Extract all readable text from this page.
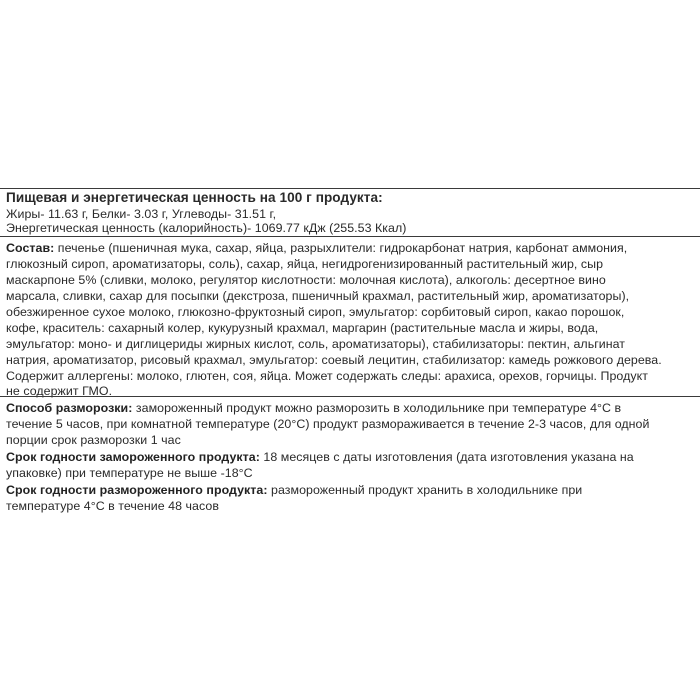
Пищевая и энергетическая ценность на 100 г продукта:
Жиры- 11.63 г, Белки- 3.03 г, Углеводы- 31.51 г,
Энергетическая ценность (калорийность)- 1069.77 кДж (255.53 Ккал)
Состав: печенье (пшеничная мука, сахар, яйца, разрыхлители: гидрокарбонат натрия, карбонат аммония,
глюкозный сироп, ароматизаторы, соль), сахар, яйца, негидрогенизированный растительный жир, сыр
маскарпоне 5% (сливки, молоко, регулятор кислотности: молочная кислота), алкоголь: десертное вино
марсала, сливки, сахар для посыпки (декстроза, пшеничный крахмал, растительный жир, ароматизаторы),
обезжиренное сухое молоко, глюкозно-фруктозный сироп, эмульгатор: сорбитовый сироп, какао порошок,
кофе, краситель: сахарный колер, кукурузный крахмал, маргарин (растительные масла и жиры, вода,
эмульгатор: моно- и диглицериды жирных кислот, соль, ароматизаторы), стабилизаторы: пектин, альгинат
натрия, ароматизатор, рисовый крахмал, эмульгатор: соевый лецитин, стабилизатор: камедь рожкового дерева.
Содержит аллергены: молоко, глютен, соя, яйца. Может содержать следы: арахиса, орехов, горчицы. Продукт
не содержит ГМО.
Способ разморозки: замороженный продукт можно разморозить в холодильнике при температуре 4°С в
течение 5 часов, при комнатной температуре (20°С) продукт размораживается в течение 2-3 часов, для одной
порции срок разморозки 1 час
Срок годности замороженного продукта: 18 месяцев с даты изготовления (дата изготовления указана на
упаковке) при температуре не выше -18°С
Срок годности размороженного продукта: размороженный продукт хранить в холодильнике при
температуре 4°С в течение 48 часов
